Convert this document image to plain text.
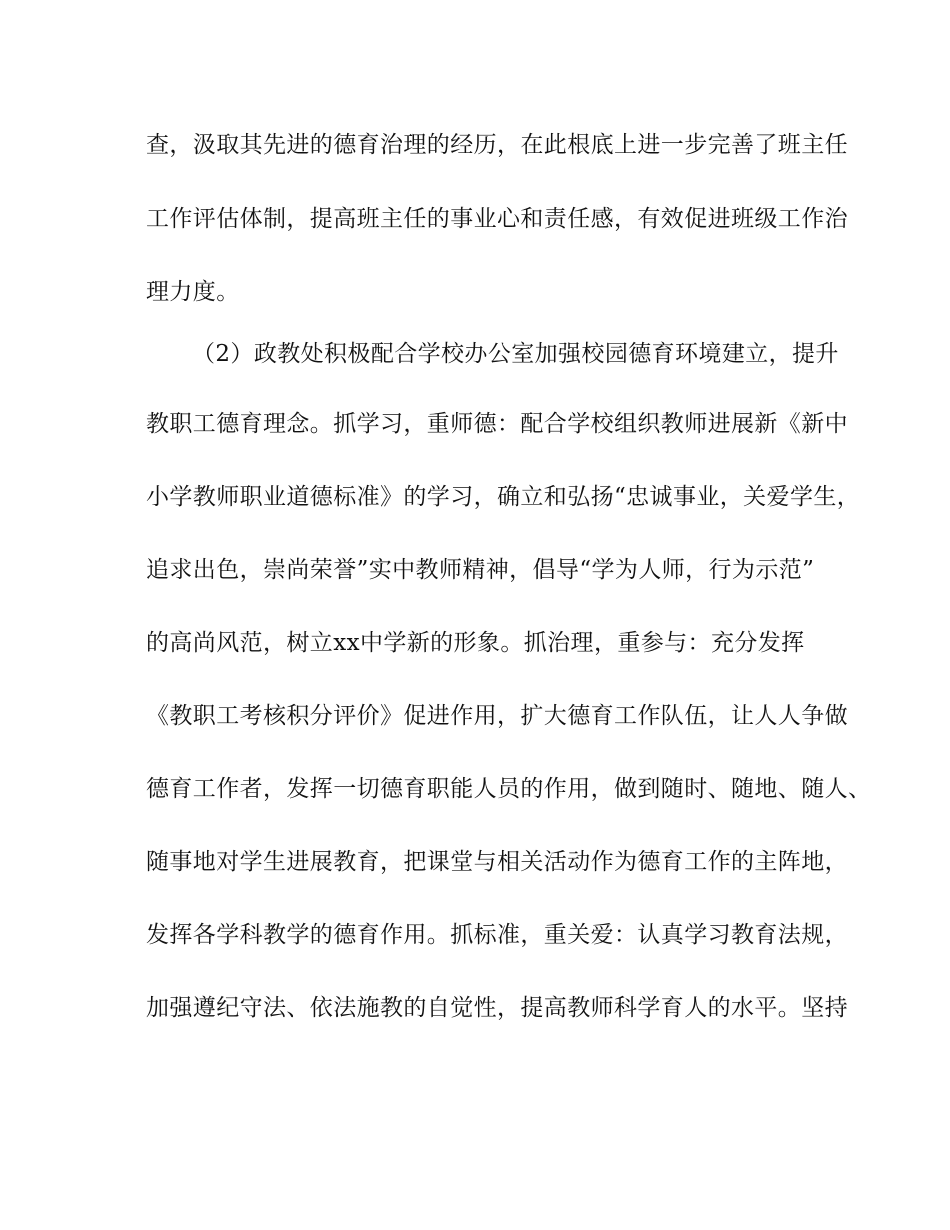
查，汲取其先进的德育治理的经历，在此根底上进一步完善了班主任
工作评估体制，提高班主任的事业心和责任感，有效促进班级工作治
理力度。
（2）政教处积极配合学校办公室加强校园德育环境建立，提升
教职工德育理念。抓学习，重师德：配合学校组织教师进展新《新中
小学教师职业道德标准》的学习，确立和弘扬“忠诚事业，关爱学生，
追求出色，崇尚荣誉”实中教师精神，倡导“学为人师，行为示范”
的高尚风范，树立xx中学新的形象。抓治理，重参与：充分发挥
《教职工考核积分评价》促进作用，扩大德育工作队伍，让人人争做
德育工作者，发挥一切德育职能人员的作用，做到随时、随地、随人、
随事地对学生进展教育，把课堂与相关活动作为德育工作的主阵地，
发挥各学科教学的德育作用。抓标准，重关爱：认真学习教育法规，
加强遵纪守法、依法施教的自觉性，提高教师科学育人的水平。坚持
